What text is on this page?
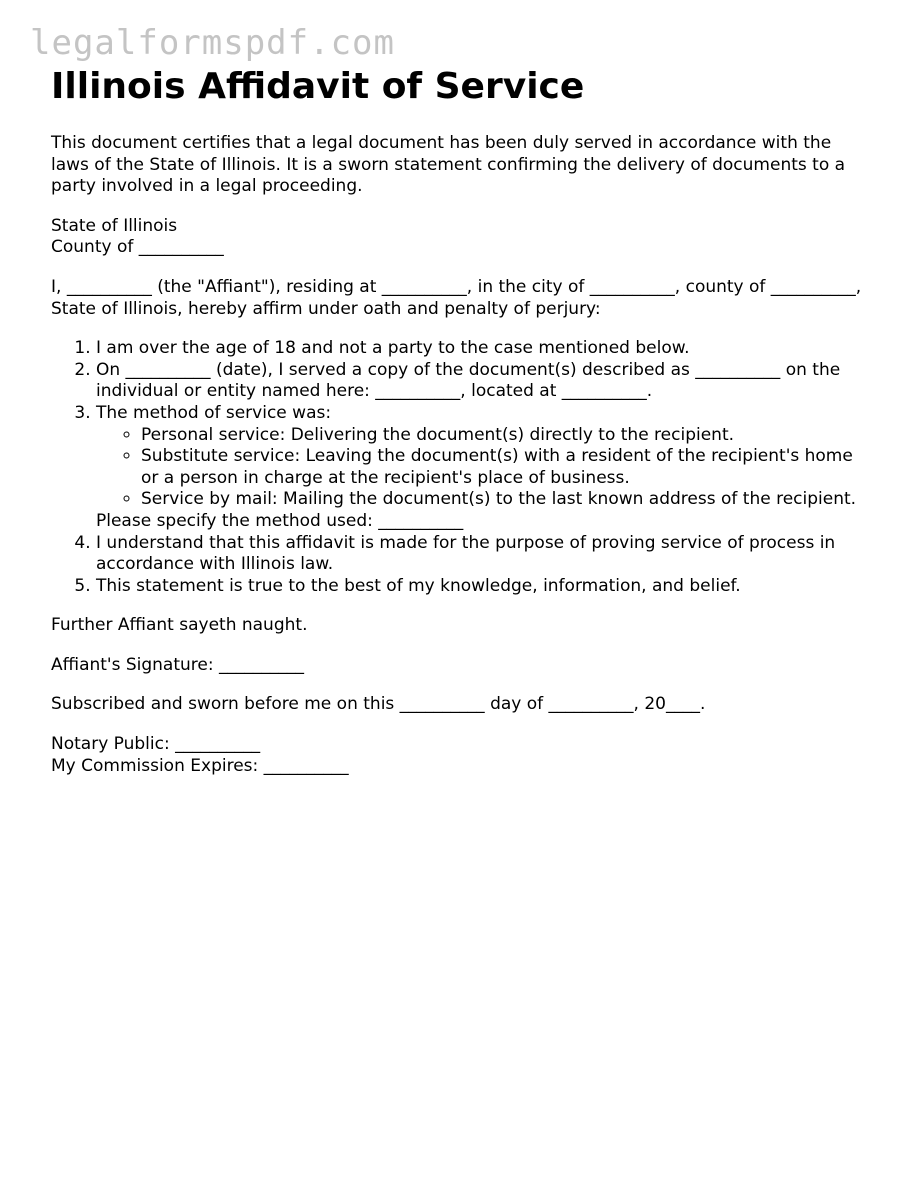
legalformspdf.com
Illinois Affidavit of Service

This document certifies that a legal document has been duly served in accordance with the laws of the State of Illinois. It is a sworn statement confirming the delivery of documents to a party involved in a legal proceeding.

State of Illinois

County of __________

I, __________ (the "Affiant"), residing at __________, in the city of __________, county of __________, State of Illinois, hereby affirm under oath and penalty of perjury:

1. I am over the age of 18 and not a party to the case mentioned below.
2. On __________ (date), I served a copy of the document(s) described as __________ on the individual or entity named here: __________, located at __________.
3. The method of service was:
◦ Personal service: Delivering the document(s) directly to the recipient.
◦ Substitute service: Leaving the document(s) with a resident of the recipient's home or a person in charge at the recipient's place of business.
◦ Service by mail: Mailing the document(s) to the last known address of the recipient.
Please specify the method used: __________
4. I understand that this affidavit is made for the purpose of proving service of process in accordance with Illinois law.
5. This statement is true to the best of my knowledge, information, and belief.

Further Affiant sayeth naught.

Affiant's Signature: __________

Subscribed and sworn before me on this __________ day of __________, 20____.

Notary Public: __________

My Commission Expires: __________
